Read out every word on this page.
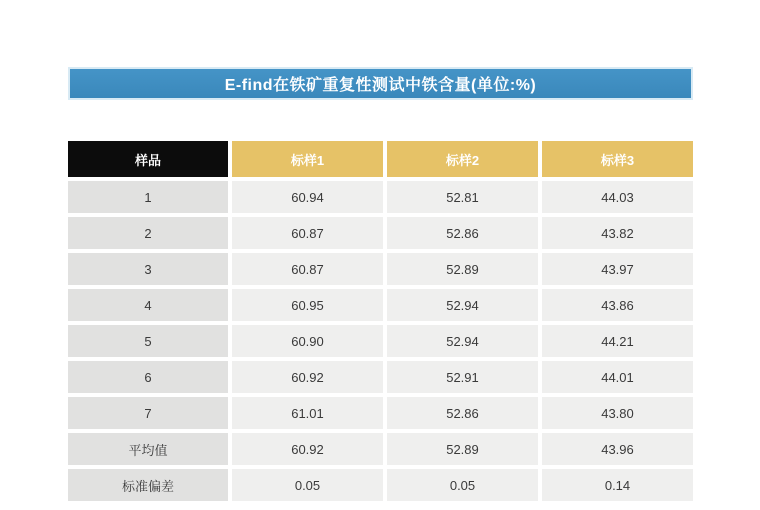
E-find在铁矿重复性测试中铁含量(单位:%)
样品	标样1	标样2	标样3
1	60.94	52.81	44.03
2	60.87	52.86	43.82
3	60.87	52.89	43.97
4	60.95	52.94	43.86
5	60.90	52.94	44.21
6	60.92	52.91	44.01
7	61.01	52.86	43.80
平均值	60.92	52.89	43.96
标准偏差	0.05	0.05	0.14
